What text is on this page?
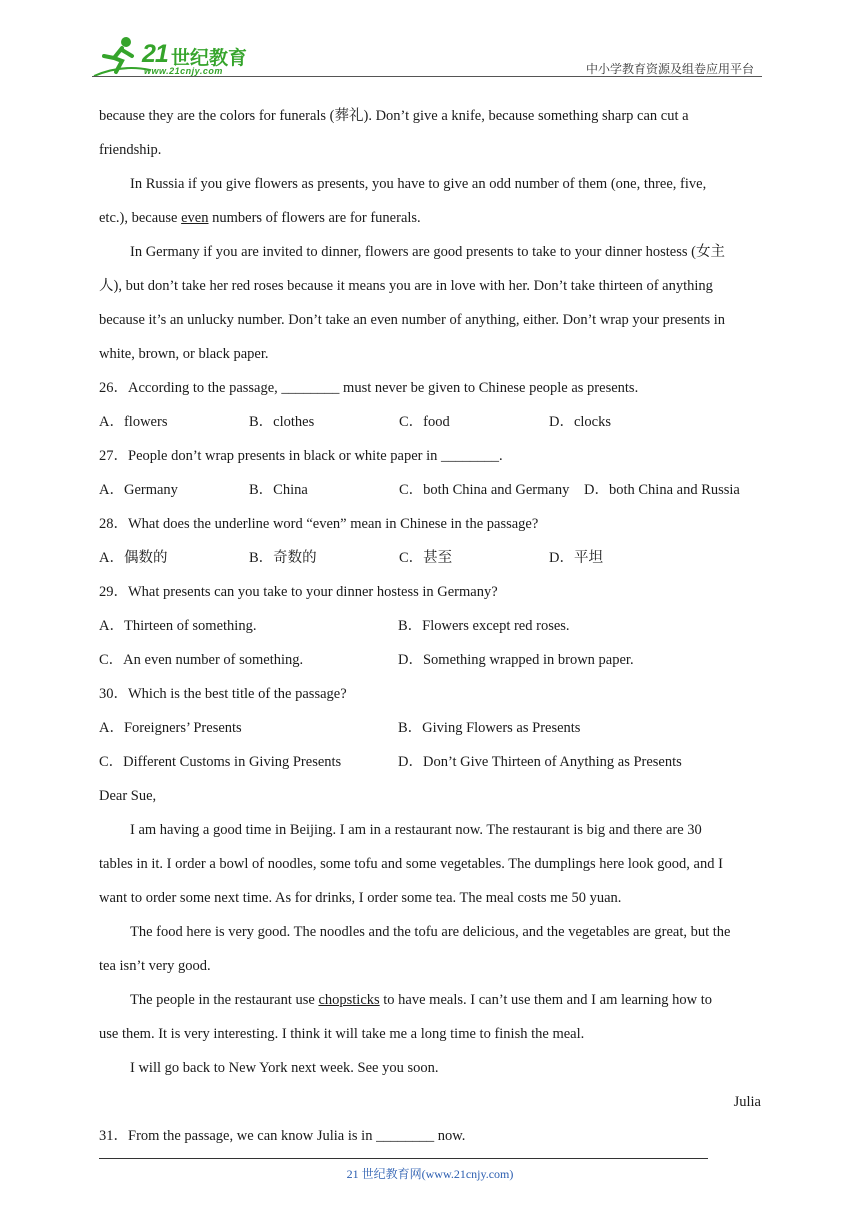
21 世纪教育
www.21cnjy.com	中小学教育资源及组卷应用平台
because they are the colors for funerals (葬礼). Don’t give a knife, because something sharp can cut a
friendship.
In Russia if you give flowers as presents, you have to give an odd number of them (one, three, five,
etc.), because even numbers of flowers are for funerals.
In Germany if you are invited to dinner, flowers are good presents to take to your dinner hostess (女主
人), but don’t take her red roses because it means you are in love with her. Don’t take thirteen of anything
because it’s an unlucky number. Don’t take an even number of anything, either. Don’t wrap your presents in
white, brown, or black paper.
26．According to the passage, ________ must never be given to Chinese people as presents.
A．flowers	B．clothes	C．food	D．clocks
27．People don’t wrap presents in black or white paper in ________.
A．Germany	B．China	C．both China and Germany	D．both China and Russia
28．What does the underline word “even” mean in Chinese in the passage?
A．偶数的	B．奇数的	C．甚至	D．平坦
29．What presents can you take to your dinner hostess in Germany?
A．Thirteen of something.	B．Flowers except red roses.
C．An even number of something.	D．Something wrapped in brown paper.
30．Which is the best title of the passage?
A．Foreigners’ Presents	B．Giving Flowers as Presents
C．Different Customs in Giving Presents	D．Don’t Give Thirteen of Anything as Presents
Dear Sue,
I am having a good time in Beijing. I am in a restaurant now. The restaurant is big and there are 30
tables in it. I order a bowl of noodles, some tofu and some vegetables. The dumplings here look good, and I
want to order some next time. As for drinks, I order some tea. The meal costs me 50 yuan.
The food here is very good. The noodles and the tofu are delicious, and the vegetables are great, but the
tea isn’t very good.
The people in the restaurant use chopsticks to have meals. I can’t use them and I am learning how to
use them. It is very interesting. I think it will take me a long time to finish the meal.
I will go back to New York next week. See you soon.
Julia
31．From the passage, we can know Julia is in ________ now.
21 世纪教育网(www.21cnjy.com)
